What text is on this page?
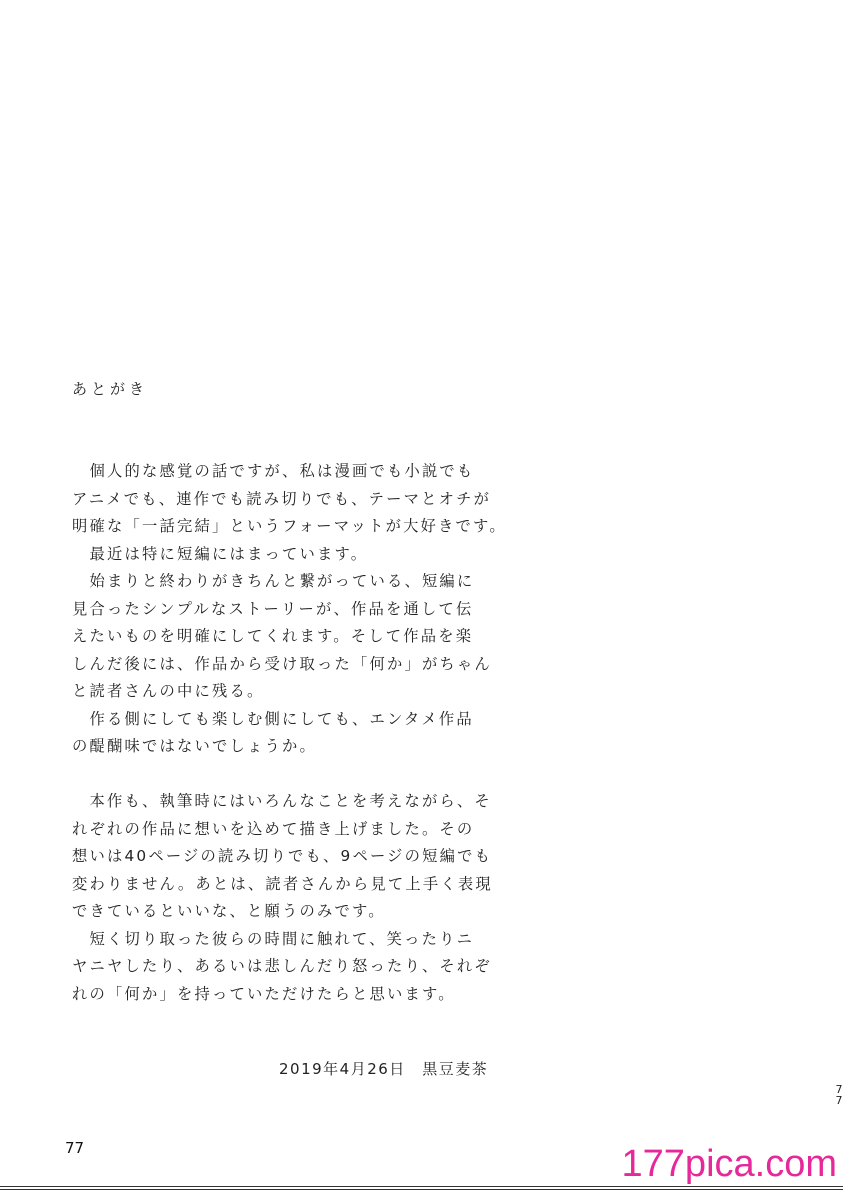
あとがき
　個人的な感覚の話ですが、私は漫画でも小説でも
アニメでも、連作でも読み切りでも、テーマとオチが
明確な「一話完結」というフォーマットが大好きです。
　最近は特に短編にはまっています。
　始まりと終わりがきちんと繋がっている、短編に
見合ったシンプルなストーリーが、作品を通して伝
えたいものを明確にしてくれます。そして作品を楽
しんだ後には、作品から受け取った「何か」がちゃん
と読者さんの中に残る。
　作る側にしても楽しむ側にしても、エンタメ作品
の醍醐味ではないでしょうか。
　本作も、執筆時にはいろんなことを考えながら、そ
れぞれの作品に想いを込めて描き上げました。その
想いは40ページの読み切りでも、9ページの短編でも
変わりません。あとは、読者さんから見て上手く表現
できているといいな、と願うのみです。
　短く切り取った彼らの時間に触れて、笑ったりニ
ヤニヤしたり、あるいは悲しんだり怒ったり、それぞ
れの「何か」を持っていただけたらと思います。
2019年4月26日　黒豆麦茶
7
7
77	177pica.com
